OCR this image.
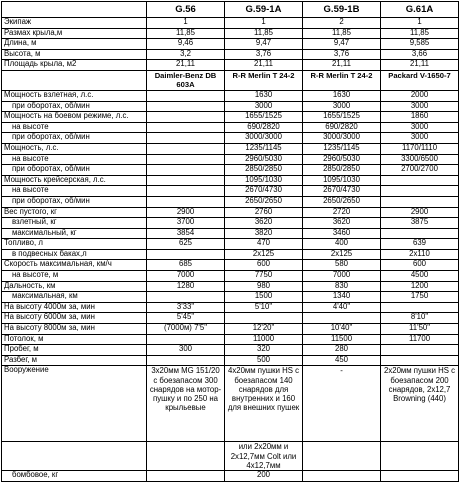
	G.56	G.59-1A	G.59-1B	G.61A
Экипаж	1	1	2	1
Размах крыла,м	11,85	11,85	11,85	11,85
Длина, м	9,46	9,47	9,47	9,585
Высота, м	3,2	3,76	3,76	3,66
Площадь крыла, м2	21,11	21,11	21,11	21,11
	Daimler-Benz DB 603A	R-R Merlin T 24-2	R-R Merlin T 24-2	Packard V-1650-7
Мощность взлетная, л.с.		1630	1630	2000
при оборотах, об/мин		3000	3000	3000
Мощность на боевом режиме, л.с.		1655/1525	1655/1525	1860
на высоте		690/2820	690/2820	3000
при оборотах, об/мин		3000/3000	3000/3000	3000
Мощность, л.с.		1235/1145	1235/1145	1170/1110
на высоте		2960/5030	2960/5030	3300/6500
при оборотах, об/мин		2850/2850	2850/2850	2700/2700
Мощность крейсерская, л.с.		1095/1030	1095/1030	
на высоте		2670/4730	2670/4730	
при оборотах, об/мин		2650/2650	2650/2650	
Вес пустого, кг	2900	2760	2720	2900
взлетный, кг	3700	3620	3620	3875
максимальный, кг	3854	3820	3460	
Топливо, л	625	470	400	639
в подвесных баках,л		2x125	2x125	2x110
Скорость максимальная, км/ч	685	600	580	600
на высоте, м	7000	7750	7000	4500
Дальность, км	1280	980	830	1200
максимальная, км		1500	1340	1750
На высоту 4000м за, мин	3'33"	5'10"	4'40"	
На высоту 6000м за, мин	5'45"			8'10"
На высоту 8000м за, мин	(7000м) 7'5"	12'20"	10'40"	11'50"
Потолок, м		11000	11500	11700
Пробег, м	300	320	280	
Разбег, м		500	450	
Вооружение	3x20мм MG 151/20 с боезапасом 300 снарядов на мотор-пушку и по 250 на крыльевые	4x20мм пушки HS с боезапасом 140 снарядов для внутренних и 160 для внешних пушек	-	2x20мм пушки HS с боезапасом 200 снарядов, 2x12,7 Browning (440)
		или 2x20мм и 2x12,7мм Colt или 4x12,7мм		
бомбовое, кг		200		
